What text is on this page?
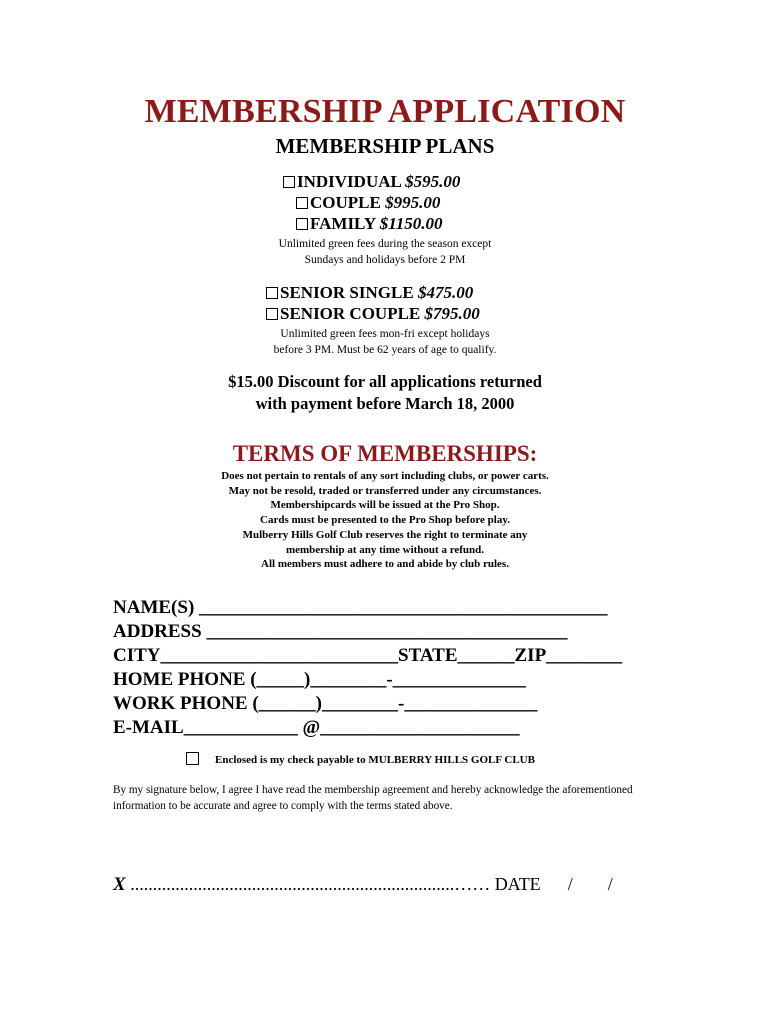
MEMBERSHIP APPLICATION
MEMBERSHIP PLANS
INDIVIDUAL $595.00
COUPLE $995.00
FAMILY $1150.00
Unlimited green fees during the season except
Sundays and holidays before 2 PM
SENIOR SINGLE $475.00
SENIOR COUPLE $795.00
Unlimited green fees mon-fri except holidays
before 3 PM. Must be 62 years of age to qualify.
$15.00 Discount for all applications returned
with payment before March 18, 2000
TERMS OF MEMBERSHIPS:
Does not pertain to rentals of any sort including clubs, or power carts.
May not be resold, traded or transferred under any circumstances.
Membershipcards will be issued at the Pro Shop.
Cards must be presented to the Pro Shop before play.
Mulberry Hills Golf Club reserves the right to terminate any
membership at any time without a refund.
All members must adhere to and abide by club rules.
NAME(S) ___________________________________________
ADDRESS ______________________________________
CITY_________________________STATE______ZIP________
HOME PHONE (_____)________-______________
WORK PHONE (______)________-______________
E-MAIL____________ @_____________________
Enclosed is my check payable to MULBERRY HILLS GOLF CLUB
By my signature below, I agree I have read the membership agreement and hereby acknowledge the aforementioned information to be accurate and agree to comply with the terms stated above.
X ........................................................................…… DATE / /
